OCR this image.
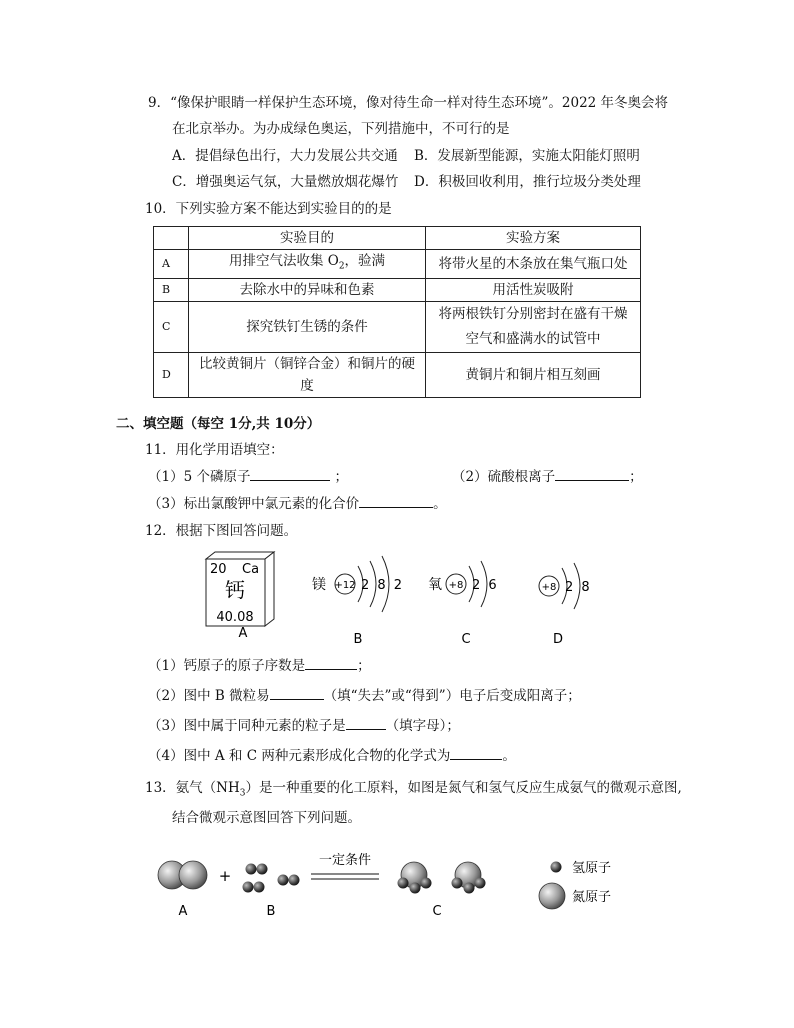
9．“像保护眼睛一样保护生态环境，像对待生命一样对待生态环境”。2022 年冬奥会将
在北京举办。为办成绿色奥运，下列措施中，不可行的是
A．提倡绿色出行，大力发展公共交通 B．发展新型能源，实施太阳能灯照明
C．增强奥运气氛，大量燃放烟花爆竹 D．积极回收利用，推行垃圾分类处理
10．下列实验方案不能达到实验目的的是
	实验目的	实验方案
A	用排空气法收集 $O_2$，验满	将带火星的木条放在集气瓶口处
B	去除水中的异味和色素	用活性炭吸附
C	探究铁钉生锈的条件	将两根铁钉分别密封在盛有干燥
空气和盛满水的试管中

D	比较黄铜片（铜锌合金）和铜片的硬度	黄铜片和铜片相互刻画
二、填空题（每空 1分,共 10分）
11．用化学用语填空：
（1）5 个磷原子	；	（2）硫酸根离子	；
（3）标出氯酸钾中氯元素的化合价	。
12．根据下图回答问题。
20 Ca
钙
40.08
A
镁 +12 2 8 2
B
氧 +8 2 6
C
+8 2 8
D
（1）钙原子的原子序数是	；
（2）图中 B 微粒易	（填“失去”或“得到”）电子后变成阳离子；
（3）图中属于同种元素的粒子是	（填字母）；
（4）图中 A 和 C 两种元素形成化合物的化学式为	。
13．氨气$(NH_3)$是一种重要的化工原料，如图是氮气和氢气反应生成氨气的微观示意图,
结合微观示意图回答下列问题。
A
+
B
一定条件
C
氢原子
氮原子
